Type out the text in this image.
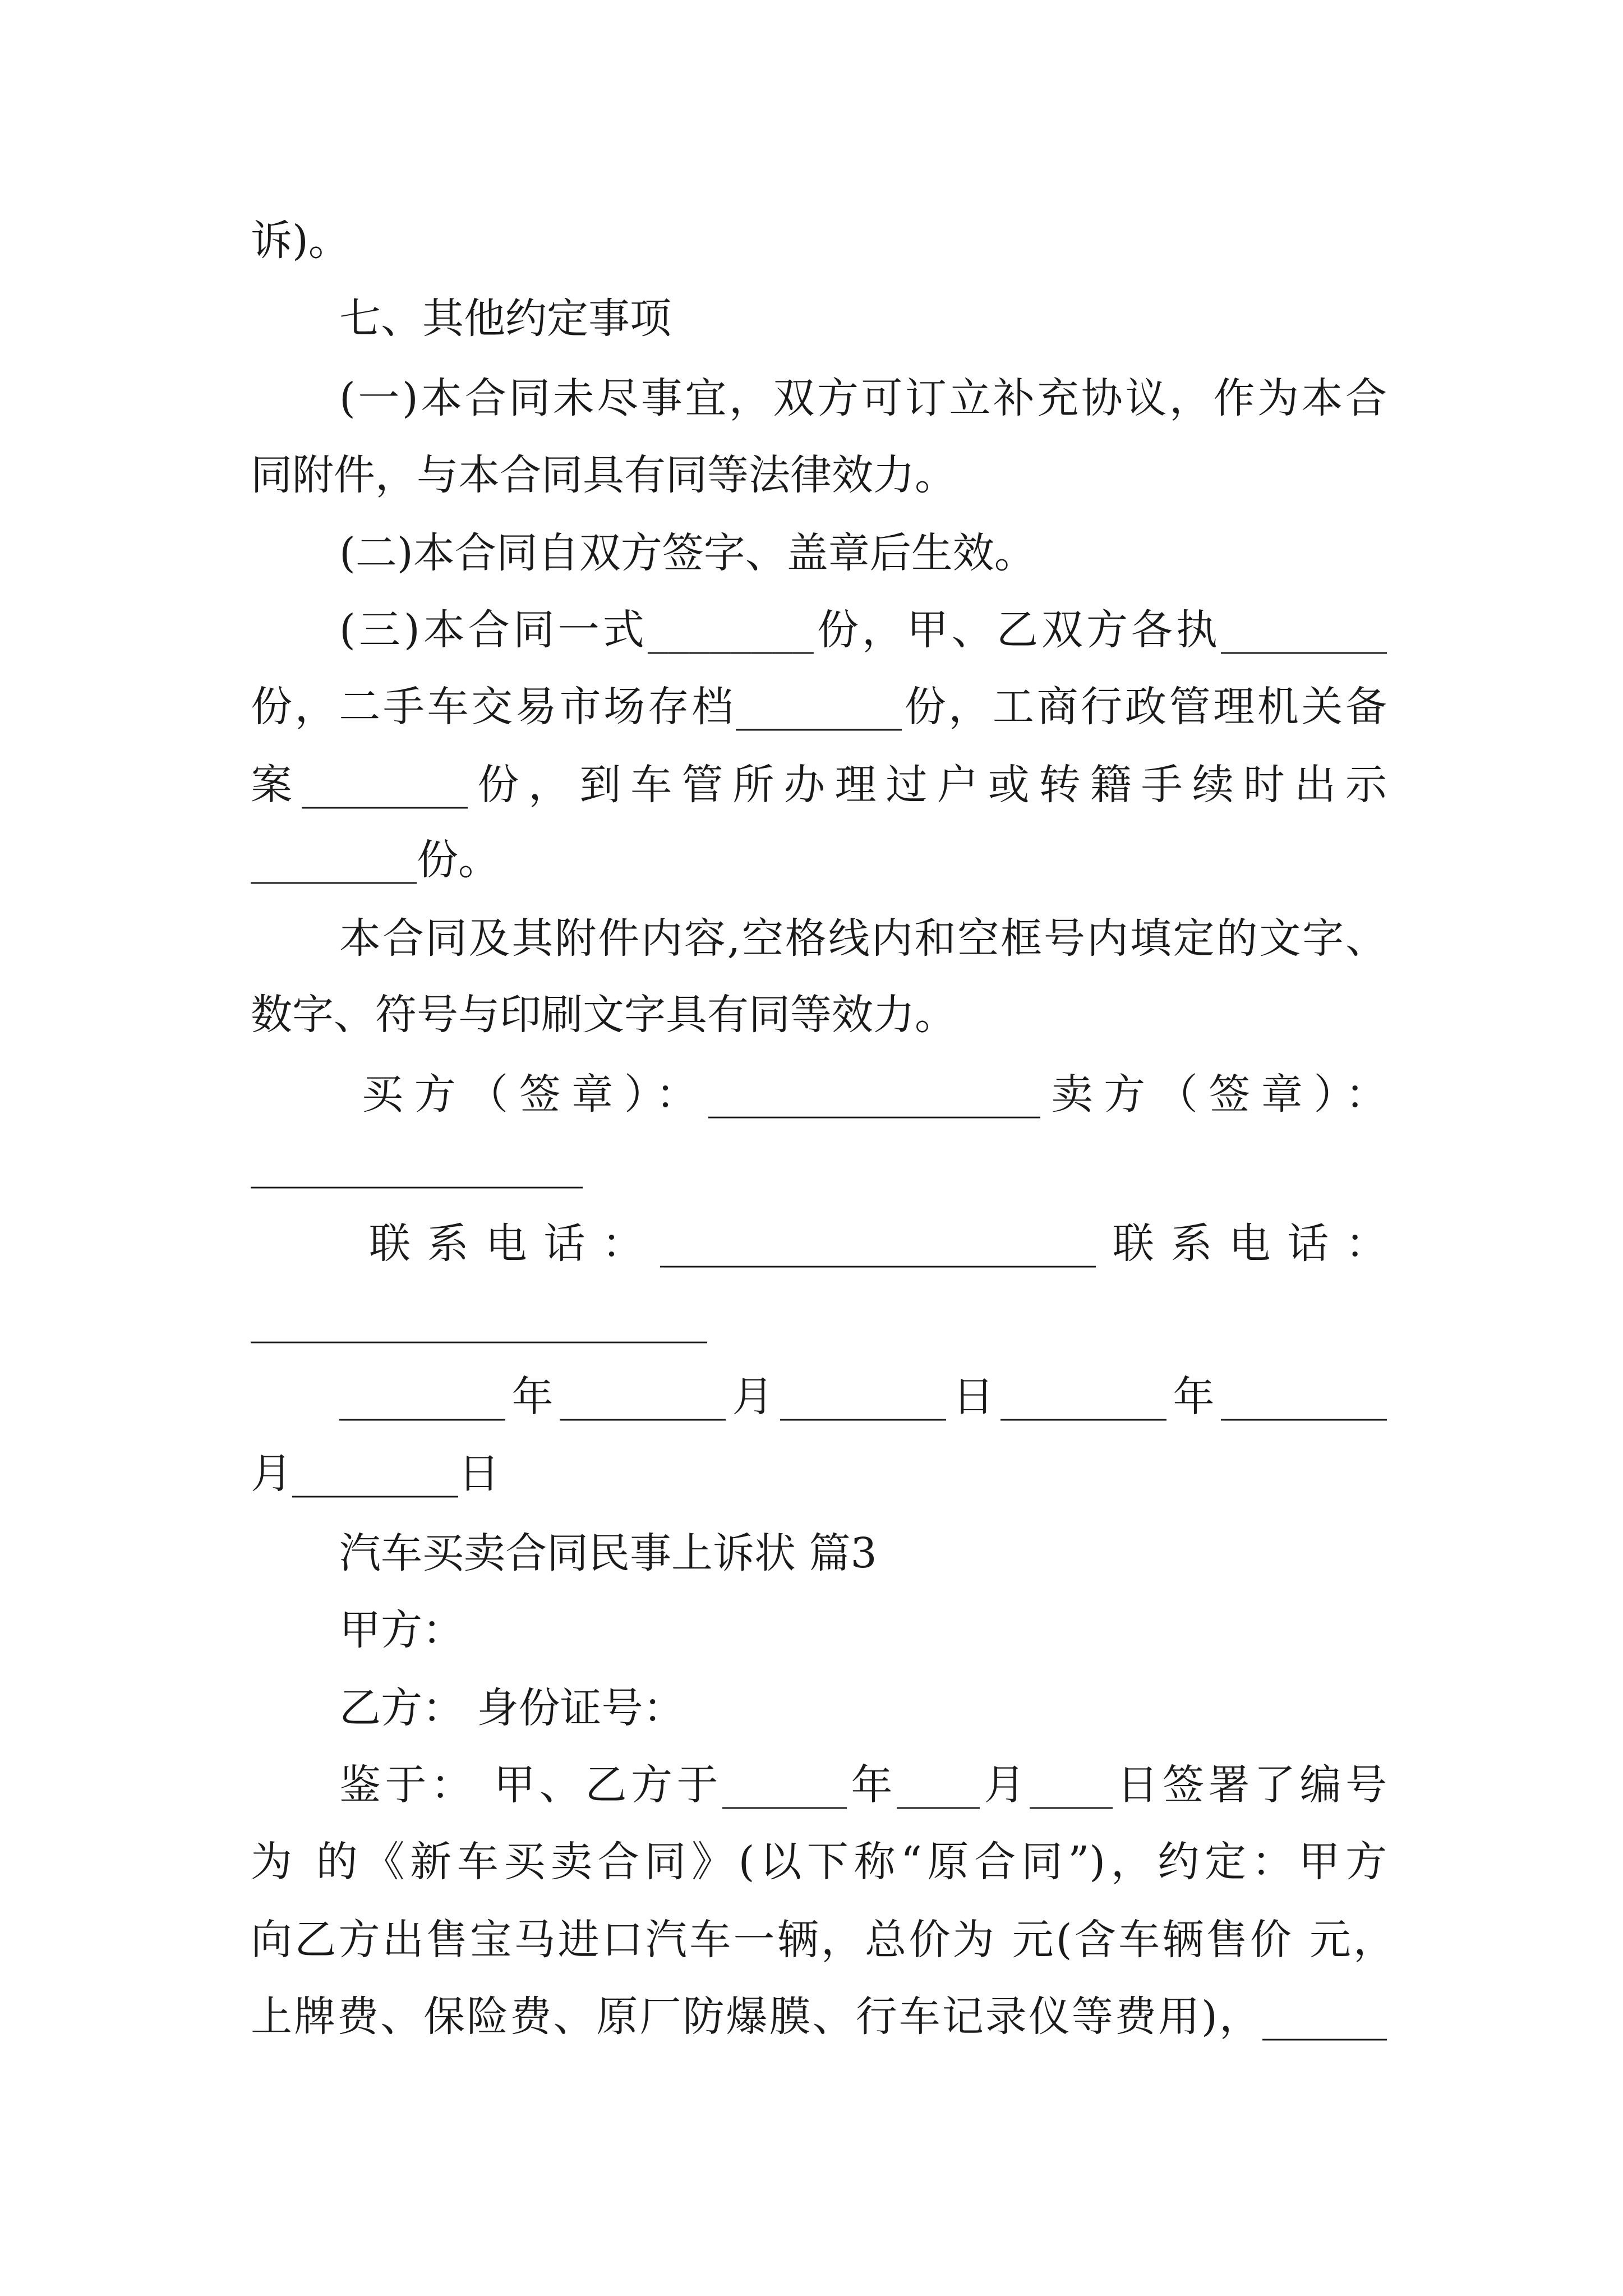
诉)。
七、其他约定事项
(一)本合同未尽事宜，双方可订立补充协议，作为本合
同附件，与本合同具有同等法律效力。
(二)本合同自双方签字、盖章后生效。
(三)本合同一式________份，甲、乙双方各执________
份，二手车交易市场存档________份，工商行政管理机关备
案________份，到车管所办理过户或转籍手续时出示
________份。
本合同及其附件内容,空格线内和空框号内填定的文字、
数字、符号与印刷文字具有同等效力。
买方（签章）：________________卖方（签章）：
________________
联系电话：_____________________联系电话：
______________________
________年________月________日________年________
月________日
汽车买卖合同民事上诉状 篇3
甲方：
乙方： 身份证号：
鉴于： 甲、乙方于______年____月____日签署了编号
为 的《新车买卖合同》(以下称“原合同”)，约定：甲方
向乙方出售宝马进口汽车一辆，总价为 元(含车辆售价 元，
上牌费、保险费、原厂防爆膜、行车记录仪等费用)，______
